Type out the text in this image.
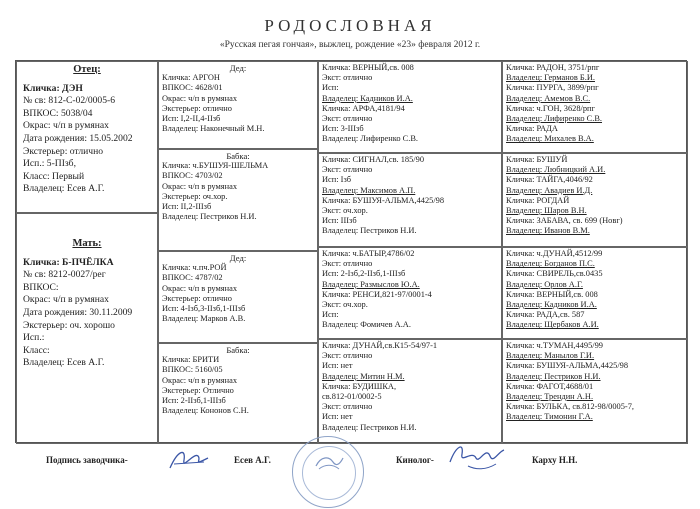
РОДОСЛОВНАЯ
«Русская пегая гончая», выжлец, рождение «23» февраля 2012 г.
Отец:
Кличка: ДЭН
№ св: 812-С-02/0005-6
ВПКОС: 5038/04
Окрас: ч/п в румянах
Дата рождения: 15.05.2002
Экстерьер: отлично
Исп.: 5-ПIзб,
Класс: Первый
Владелец: Есев А.Г.
Мать:
Кличка: Б-ПЧЁЛКА
№ св: 8212-0027/рег
ВПКОС:
Окрас: ч/п в румянах
Дата рождения: 30.11.2009
Экстерьер: оч. хорошо
Исп.:
Класс:
Владелец: Есев А.Г.
Дед:
Кличка: АРГОН
ВПКОС: 4628/01
Окрас: ч/п в румянах
Экстерьер: отлично
Исп: I,2-II,4-IIзб
Владелец: Наконечный М.Н.
Бабка:
Кличка: ч.БУШУЯ-ШЕЛЬМА
ВПКОС: 4703/02
Окрас: ч/п в румянах
Экстерьер: оч.хор.
Исп: II,2-IIIзб
Владелец: Пестриков Н.И.
Дед:
Кличка: ч.пч.РОЙ
ВПКОС: 4787/02
Окрас: ч/п в румянах
Экстерьер: отлично
Исп: 4-Iзб,3-IIзб,1-IIIзб
Владелец: Марков А.В.
Бабка:
Кличка: БРИТИ
ВПКОС: 5160/05
Окрас: ч/п в румянах
Экстерьер: Отлично
Исп: 2-IIзб,1-IIIзб
Владелец: Кононов С.Н.
Кличка: ВЕРНЫЙ,св. 008
Экст: отлично
Исп:
Владелец: Кадников И.А.
Кличка: АРФА,4181/94
Экст: отлично
Исп: 3-IIIзб
Владелец: Лифиренко С.В.
Кличка: СИГНАЛ,св. 185/90
Экст: отлично
Исп: Iзб
Владелец: Максимов А.П.
Кличка: БУШУЯ-АЛЬМА,4425/98
Экст: оч.хор.
Исп: IIIзб
Владелец: Пестриков Н.И.
Кличка: ч.БАТЫР,4786/02
Экст: отлично
Исп: 2-Iзб,2-IIзб,1-IIIзб
Владелец: Размыслов Ю.А.
Кличка: РЕНСИ,821-97/0001-4
Экст: оч.хор.
Исп:
Владелец: Фомичев А.А.
Кличка: ДУНАЙ,св.К15-54/97-1
Экст: отлично
Исп: нет
Владелец: Митин Н.М.
Кличка: БУДИШКА,
св.812-01/0002-5
Экст: отлично
Исп: нет
Владелец: Пестриков Н.И.
Кличка: РАДОН, 3751/рпг
Владелец: Германов Б.И.
Кличка: ПУРГА, 3899/рпг
Владелец: Амемов В.С.
Кличка: ч.ГОН, 3628/рпг
Владелец: Лифиренко С.В.
Кличка: РАДА
Владелец: Михалев В.А.
Кличка: БУШУЙ
Владелец: Любницкий А.И.
Кличка: ТАЙГА,4046/92
Владелец: Авадиев И.Д.
Кличка: РОГДАЙ
Владелец: Шаров В.Н.
Кличка: ЗАБАВА, св. 699 (Новг)
Владелец: Иванов В.М.
Кличка: ч.ДУНАЙ,4512/99
Владелец: Богданов П.С.
Кличка: СВИРЕЛЬ,св.0435
Владелец: Орлов А.Г.
Кличка: ВЕРНЫЙ,св. 008
Владелец: Кадников И.А.
Кличка: РАДА,св. 587
Владелец: Щербаков А.И.
Кличка: ч.ТУМАН,4495/99
Владелец: Манылов Г.И.
Кличка: БУШУЯ-АЛЬМА,4425/98
Владелец: Пестриков Н.И.
Кличка: ФАГОТ,4688/01
Владелец: Трендин А.Н.
Кличка: БУЛЬКА, св.812-98/0005-7,
Владелец: Тимонин Г.А.
Подпись заводчика-	Есев А.Г.	Кинолог-	Карху Н.Н.
